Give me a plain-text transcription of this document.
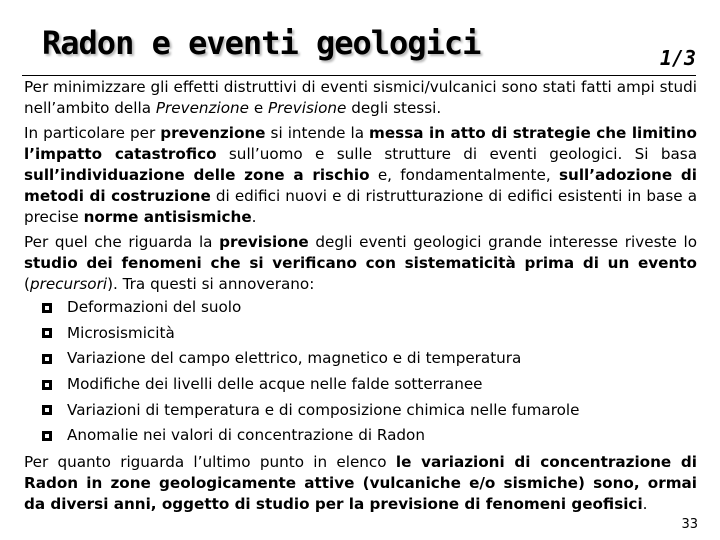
Radon e eventi geologici	1/3

Per minimizzare gli effetti distruttivi di eventi sismici/vulcanici sono stati fatti ampi studi nell’ambito della Prevenzione e Previsione degli stessi.

In particolare per prevenzione si intende la messa in atto di strategie che limitino l’impatto catastrofico sull’uomo e sulle strutture di eventi geologici. Si basa sull’individuazione delle zone a rischio e, fondamentalmente, sull’adozione di metodi di costruzione di edifici nuovi e di ristrutturazione di edifici esistenti in base a precise norme antisismiche.

Per quel che riguarda la previsione degli eventi geologici grande interesse riveste lo studio dei fenomeni che si verificano con sistematicità prima di un evento (precursori). Tra questi si annoverano:

Deformazioni del suolo
Microsismicità
Variazione del campo elettrico, magnetico e di temperatura
Modifiche dei livelli delle acque nelle falde sotterranee
Variazioni di temperatura e di composizione chimica nelle fumarole
Anomalie nei valori di concentrazione di Radon

Per quanto riguarda l’ultimo punto in elenco le variazioni di concentrazione di Radon in zone geologicamente attive (vulcaniche e/o sismiche) sono, ormai da diversi anni, oggetto di studio per la previsione di fenomeni geofisici.

33
